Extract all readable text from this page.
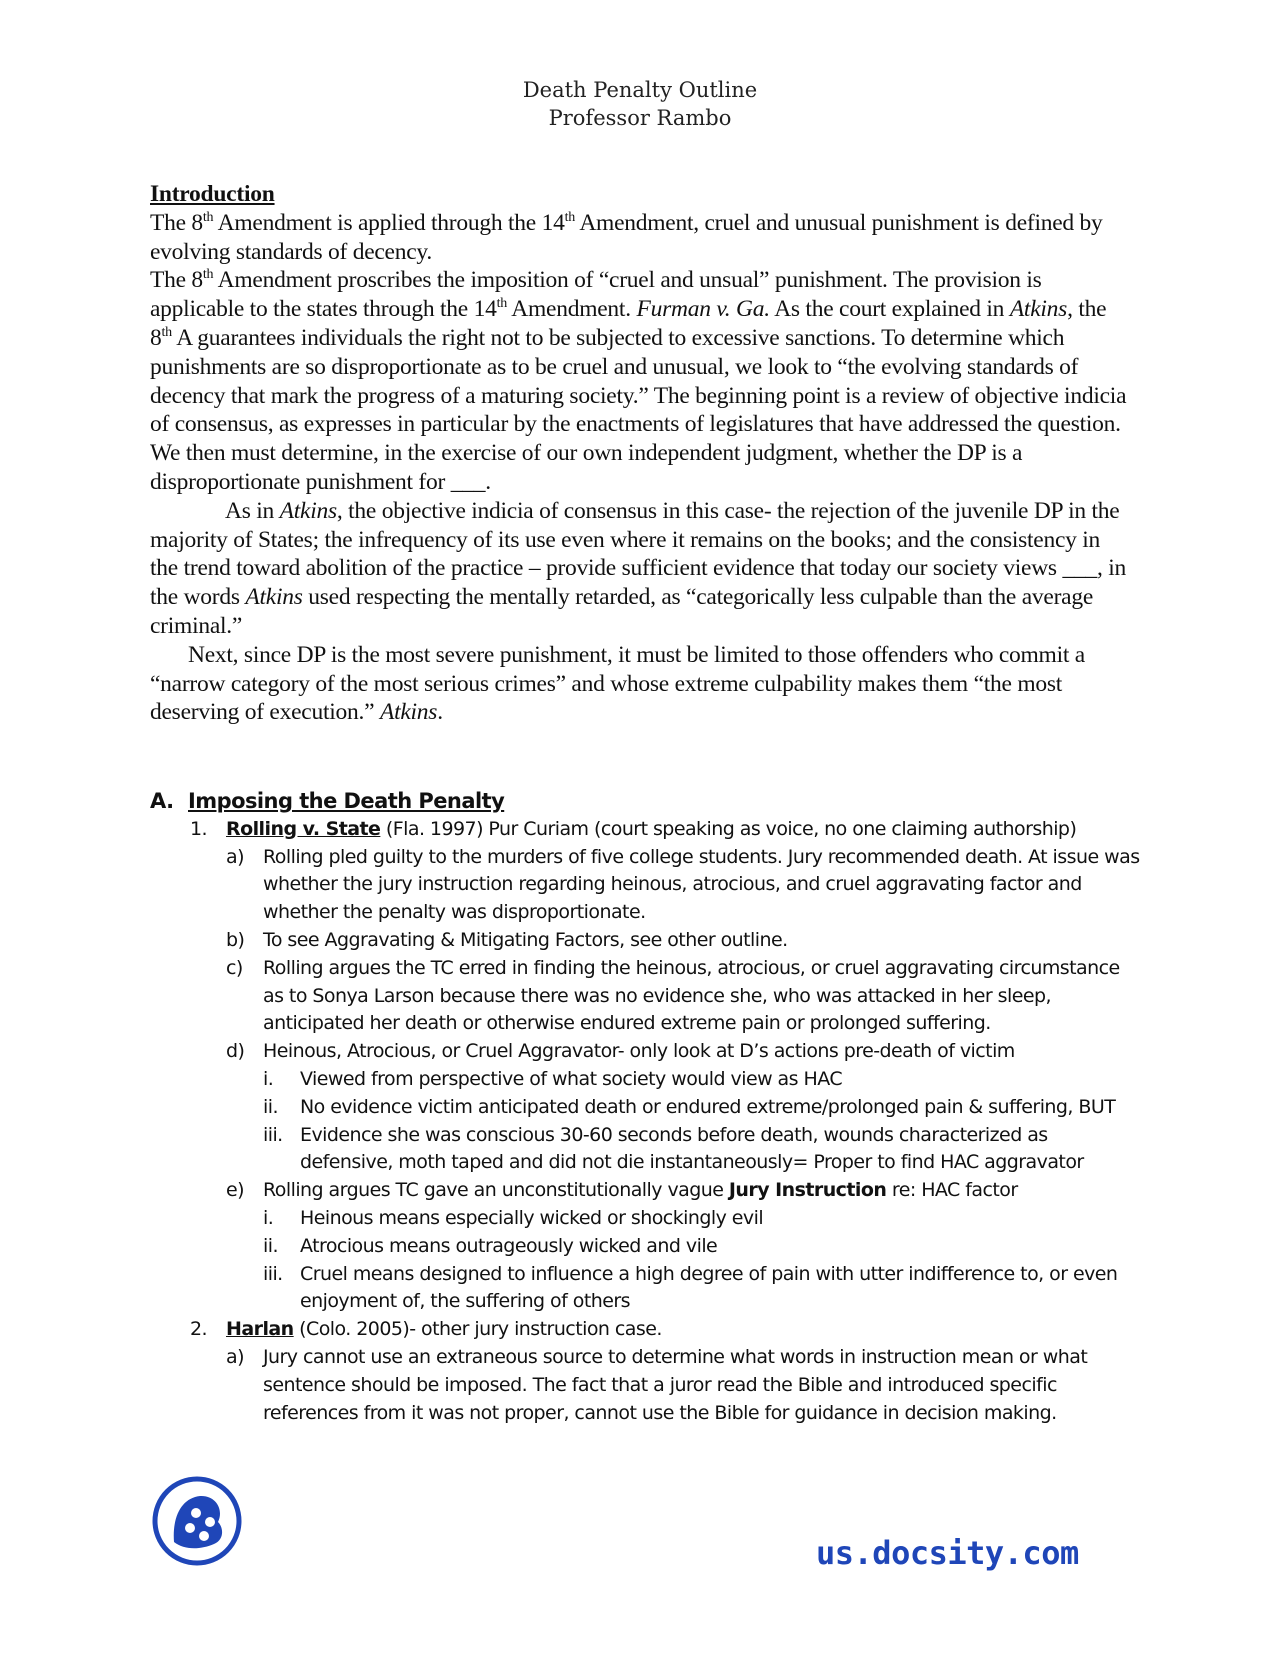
Death Penalty Outline
Professor Rambo

Introduction

The 8th Amendment is applied through the 14th Amendment, cruel and unusual punishment is defined by evolving standards of decency.

The 8th Amendment proscribes the imposition of “cruel and unsual” punishment. The provision is applicable to the states through the 14th Amendment. Furman v. Ga. As the court explained in Atkins, the 8th A guarantees individuals the right not to be subjected to excessive sanctions. To determine which punishments are so disproportionate as to be cruel and unusual, we look to “the evolving standards of decency that mark the progress of a maturing society.” The beginning point is a review of objective indicia of consensus, as expresses in particular by the enactments of legislatures that have addressed the question. We then must determine, in the exercise of our own independent judgment, whether the DP is a disproportionate punishment for ___.

As in Atkins, the objective indicia of consensus in this case- the rejection of the juvenile DP in the majority of States; the infrequency of its use even where it remains on the books; and the consistency in the trend toward abolition of the practice – provide sufficient evidence that today our society views ___, in the words Atkins used respecting the mentally retarded, as “categorically less culpable than the average criminal.”

Next, since DP is the most severe punishment, it must be limited to those offenders who commit a “narrow category of the most serious crimes” and whose extreme culpability makes them “the most deserving of execution.” Atkins.

A. Imposing the Death Penalty
1. Rolling v. State (Fla. 1997) Pur Curiam (court speaking as voice, no one claiming authorship)
a) Rolling pled guilty to the murders of five college students. Jury recommended death. At issue was whether the jury instruction regarding heinous, atrocious, and cruel aggravating factor and whether the penalty was disproportionate.
b) To see Aggravating & Mitigating Factors, see other outline.
c) Rolling argues the TC erred in finding the heinous, atrocious, or cruel aggravating circumstance as to Sonya Larson because there was no evidence she, who was attacked in her sleep, anticipated her death or otherwise endured extreme pain or prolonged suffering.
d) Heinous, Atrocious, or Cruel Aggravator- only look at D’s actions pre-death of victim
i. Viewed from perspective of what society would view as HAC
ii. No evidence victim anticipated death or endured extreme/prolonged pain & suffering, BUT
iii. Evidence she was conscious 30-60 seconds before death, wounds characterized as defensive, moth taped and did not die instantaneously= Proper to find HAC aggravator
e) Rolling argues TC gave an unconstitutionally vague Jury Instruction re: HAC factor
i. Heinous means especially wicked or shockingly evil
ii. Atrocious means outrageously wicked and vile
iii. Cruel means designed to influence a high degree of pain with utter indifference to, or even enjoyment of, the suffering of others
2. Harlan (Colo. 2005)- other jury instruction case.
a) Jury cannot use an extraneous source to determine what words in instruction mean or what sentence should be imposed. The fact that a juror read the Bible and introduced specific references from it was not proper, cannot use the Bible for guidance in decision making.
us.docsity.com
